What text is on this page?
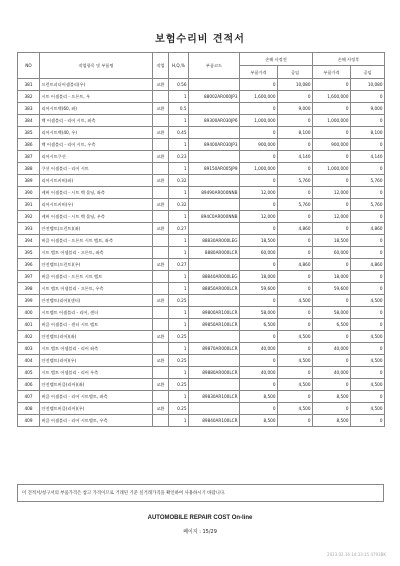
보험수리비 견적서
NO	작업항목 및 부품명	작업	H,Q,%	부품코드	손해 사정전		손해 사정후	
					부품가격	공임	부품가격	공임
381	프런트피더어셈블리(우)	교환	0.56		0	10,080	0	10,080
382	시트 어셈블리 - 프론트, 우		1	88002AR000JP3	1,600,000	0	1,600,000	0
383	리어시트백(60, 좌)	교환	0.5		0	9,000	0	9,000
384	백 어셈블리 - 리어 시트, 좌측		1	89300AR030JP6	1,000,000	0	1,000,000	0
385	리어시트백(40, 우)	교환	0.45		0	8,100	0	8,100
386	백 어셈블리 - 리어 시트, 우측		1	89400AR030JP3	900,000	0	900,000	0
387	리어시트쿠션	교환	0.23		0	4,140	0	4,140
388	쿠션 어셈블리 - 리어 시트		1	89150AR005JP9	1,000,000	0	1,000,000	0
389	리어시트커버(좌)	교환	0.32		0	5,760	0	5,760
390	케버 어셈블리 - 시트 백 몰딩, 좌측		1	89490AR000NNB	12,000	0	12,000	0
391	리어시트커버(우)	교환	0.32		0	5,760	0	5,760
392	케버 어셈블리 - 시트 백 몰딩, 우측		1	894C0AR000NNB	12,000	0	12,000	0
393	안전벨트(프런트)(좌)	교환	0.27		0	4,860	0	4,860
394	버클 어셈블리 - 프론트 시트 벨트, 좌측		1	88830AR000LEG	18,500	0	18,500	0
395	시트 벨트 어셈블리 - 프론트, 좌측		1	8880AR000LCR	60,000	0	60,000	0
396	안전벨트(프런트)(우)	교환	0.27		0	4,860	0	4,860
397	버클 어셈블리 - 프론트 시트 벨트		1	88840AR000LEG	18,000	0	18,000	0
398	시트 벨트 어셈블리 - 프론트, 우측		1	88850AR000LCR	59,600	0	59,600	0
399	안전벨트(리어)(센터)	교환	0.25		0	4,500	0	4,500
400	시트벨트 어셈블리 - 리어, 센터		1	89800AR100LCR	58,000	0	58,000	0
401	버클 어셈블리 - 센터 시트 벨트		1	89850AR100LCR	6,500	0	6,500	0
402	안전벨트(리어)(좌)	교환	0.25		0	4,500	0	4,500
403	시트 벨트 어셈블리 - 리어 좌측		1	89870AR000LCR	40,000	0	40,000	0
404	안전벨트(리어)(우)	교환	0.25		0	4,500	0	4,500
405	시트 벨트 어셈블리 - 리어 우측		1	89880AR000LCR	40,000	0	40,000	0
406	안전벨트버클(리어)(좌)	교환	0.25		0	4,500	0	4,500
407	버클 어셈블리 - 리어 시트벨트, 좌측		1	89830AR100LCR	8,500	0	8,500	0
408	안전벨트버클(리어)(우)	교환	0.25		0	4,500	0	4,500
409	버클 어셈블리 - 리어 시트벨트, 우측		1	89840AR100LCR	8,500	0	8,500	0
이 견적서/청구서의 부품가격은 참고 가격이므로 거래된 기준 실거래가격을 확인하여 사용하시기 바랍니다.
AUTOMOBILE REPAIR COST On-line
페이지 : 15/29
2023.02.16 14:33:15 4793BK
